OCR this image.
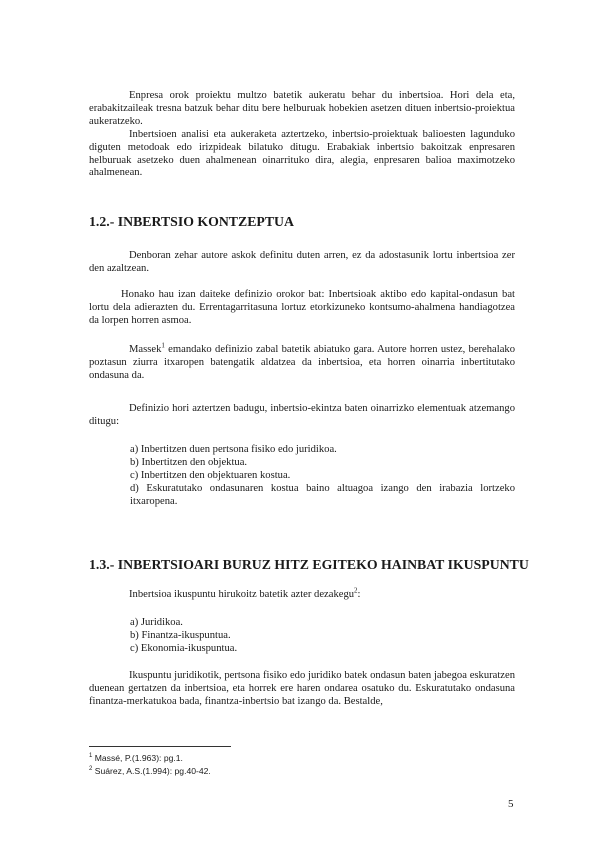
Enpresa orok proiektu multzo batetik aukeratu behar du inbertsioa. Hori dela eta, erabakitzaileak tresna batzuk behar ditu bere helburuak hobekien asetzen dituen inbertsio-proiektua aukeratzeko.
Inbertsioen analisi eta aukeraketa aztertzeko, inbertsio-proiektuak balioesten lagunduko diguten metodoak edo irizpideak bilatuko ditugu. Erabakiak inbertsio bakoitzak enpresaren helburuak asetzeko duen ahalmenean oinarrituko dira, alegia, enpresaren balioa maximotzeko ahalmenean.
1.2.- INBERTSIO KONTZEPTUA
Denboran zehar autore askok definitu duten arren, ez da adostasunik lortu inbertsioa zer den azaltzean.
Honako hau izan daiteke definizio orokor bat: Inbertsioak aktibo edo kapital-ondasun bat lortu dela adierazten du. Errentagarritasuna lortuz etorkizuneko kontsumo-ahalmena handiagotzea da lorpen horren asmoa.
Massek$^1$ emandako definizio zabal batetik abiatuko gara. Autore horren ustez, berehalako poztasun ziurra itxaropen batengatik aldatzea da inbertsioa, eta horren oinarria inbertitutako ondasuna da.
Definizio hori aztertzen badugu, inbertsio-ekintza baten oinarrizko elementuak atzemango ditugu:
a) Inbertitzen duen pertsona fisiko edo juridikoa.
b) Inbertitzen den objektua.
c) Inbertitzen den objektuaren kostua.
d) Eskuratutako ondasunaren kostua baino altuagoa izango den irabazia lortzeko itxaropena.
1.3.- INBERTSIOARI BURUZ HITZ EGITEKO HAINBAT IKUSPUNTU
Inbertsioa ikuspuntu hirukoitz batetik azter dezakegu$^2$:
a) Juridikoa.
b) Finantza-ikuspuntua.
c) Ekonomia-ikuspuntua.
Ikuspuntu juridikotik, pertsona fisiko edo juridiko batek ondasun baten jabegoa eskuratzen duenean gertatzen da inbertsioa, eta horrek ere haren ondarea osatuko du. Eskuratutako ondasuna finantza-merkatukoa bada, finantza-inbertsio bat izango da. Bestalde,
$^1$ Massé, P.(1.963): pg.1.
$^2$ Suárez, A.S.(1.994): pg.40-42.
5
